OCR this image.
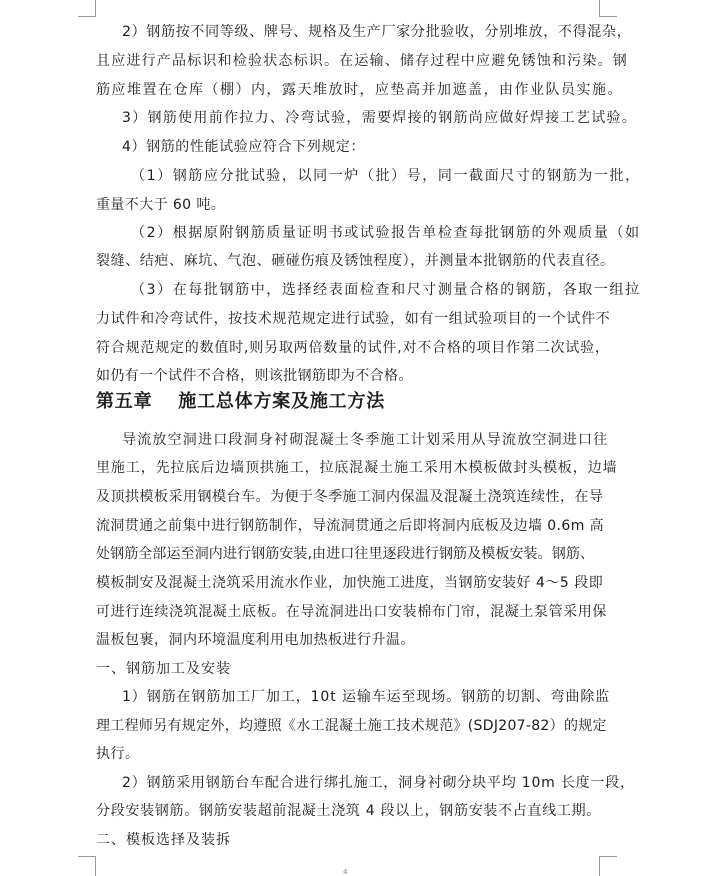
2）钢筋按不同等级、牌号、规格及生产厂家分批验收，分别堆放，不得混杂，
且应进行产品标识和检验状态标识。在运输、储存过程中应避免锈蚀和污染。钢
筋应堆置在仓库（棚）内，露天堆放时，应垫高并加遮盖，由作业队员实施。
3）钢筋使用前作拉力、冷弯试验，需要焊接的钢筋尚应做好焊接工艺试验。
4）钢筋的性能试验应符合下列规定：
（1）钢筋应分批试验，以同一炉（批）号，同一截面尺寸的钢筋为一批，
重量不大于 60 吨。
（2）根据原附钢筋质量证明书或试验报告单检查每批钢筋的外观质量（如
裂缝、结疤、麻坑、气泡、砸碰伤痕及锈蚀程度），并测量本批钢筋的代表直径。
（3）在每批钢筋中，选择经表面检查和尺寸测量合格的钢筋，各取一组拉
力试件和冷弯试件，按技术规范规定进行试验，如有一组试验项目的一个试件不
符合规范规定的数值时,则另取两倍数量的试件,对不合格的项目作第二次试验，
如仍有一个试件不合格，则该批钢筋即为不合格。
第五章　 施工总体方案及施工方法
导流放空洞进口段洞身衬砌混凝土冬季施工计划采用从导流放空洞进口往
里施工，先拉底后边墙顶拱施工，拉底混凝土施工采用木模板做封头模板，边墙
及顶拱模板采用钢模台车。为便于冬季施工洞内保温及混凝土浇筑连续性，在导
流洞贯通之前集中进行钢筋制作，导流洞贯通之后即将洞内底板及边墙 0.6m 高
处钢筋全部运至洞内进行钢筋安装,由进口往里逐段进行钢筋及模板安装。钢筋、
模板制安及混凝土浇筑采用流水作业，加快施工进度，当钢筋安装好 4～5 段即
可进行连续浇筑混凝土底板。在导流洞进出口安装棉布门帘，混凝土泵管采用保
温板包裹，洞内环境温度利用电加热板进行升温。
一、钢筋加工及安装
1）钢筋在钢筋加工厂加工，10t 运输车运至现场。钢筋的切割、弯曲除监
理工程师另有规定外，均遵照《水工混凝土施工技术规范》(SDJ207-82）的规定
执行。
2）钢筋采用钢筋台车配合进行绑扎施工，洞身衬砌分块平均 10m 长度一段，
分段安装钢筋。钢筋安装超前混凝土浇筑 4 段以上，钢筋安装不占直线工期。
二、模板选择及装拆
4
